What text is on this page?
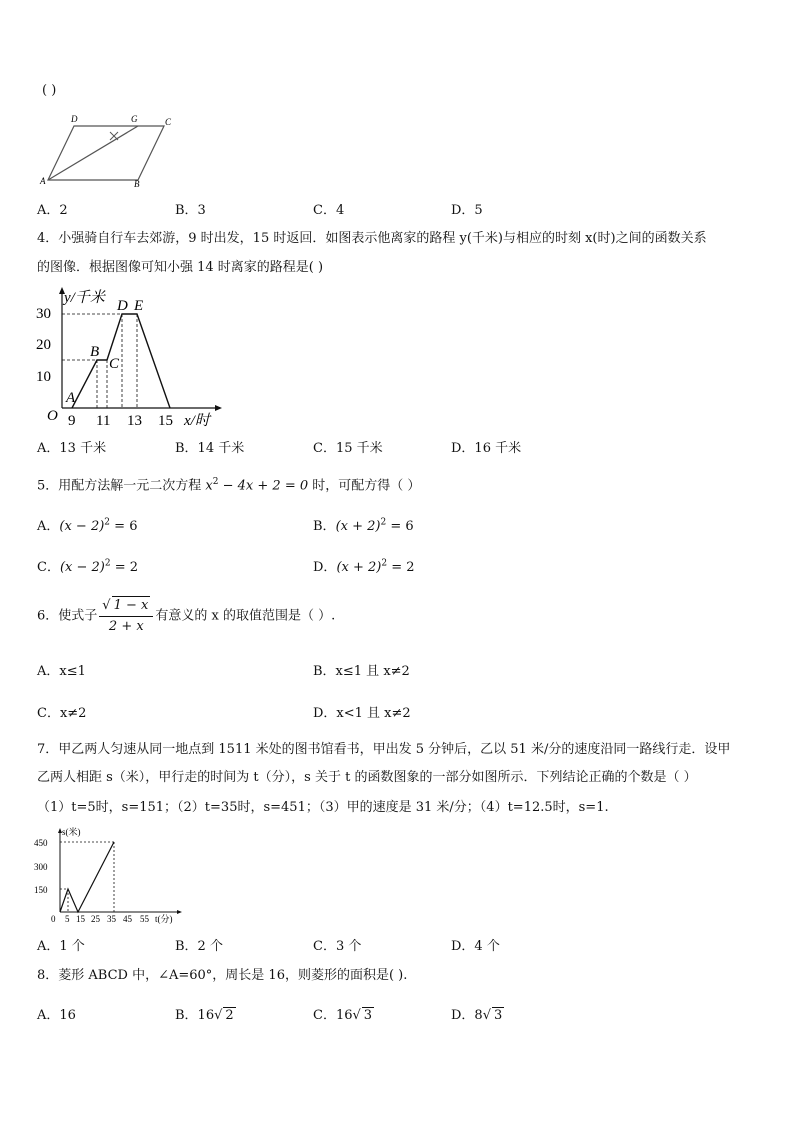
( )
D	G	C
A	B
A．2	B．3	C．4	D．5
4．小强骑自行车去郊游，9 时出发，15 时返回．如图表示他离家的路程 y(千米)与相应的时刻 x(时)之间的函数关系
的图像．根据图像可知小强 14 时离家的路程是( )
30
20
10
9 11 13 15 x/时
y/千米
O
A
B
C
D E
A．13 千米	B．14 千米	C．15 千米	D．16 千米
5．用配方法解一元二次方程 $x^2 - 4x + 2 = 0$ 时，可配方得（ ）
A．$(x - 2)^2 = 6$	B．$(x + 2)^2 = 6$
C．$(x - 2)^2 = 2$	D．$(x + 2)^2 = 2$
6．使式子 $\frac{√ 1 - x}{2 + x}$ 有意义的 x 的取值范围是（ ）.
A．x≤1	B．x≤1 且 x≠2
C．x≠2	D．x<1 且 x≠2
7．甲乙两人匀速从同一地点到 1511 米处的图书馆看书，甲出发 5 分钟后，乙以 51 米/分的速度沿同一路线行走．设甲
乙两人相距 s（米），甲行走的时间为 t（分），s 关于 t 的函数图象的一部分如图所示．下列结论正确的个数是（ ）
（1）t=5时，s=151；（2）t=35时，s=451；（3）甲的速度是 31 米/分；（4）t=12.5时，s=1.
450
300
150
0 5 15 25 35 45 55 t(分)
s(米)
A．1 个	B．2 个	C．3 个	D．4 个
8．菱形 ABCD 中，∠A=60°，周长是 16，则菱形的面积是( ).
A．16	B．16√ 2	C．16√ 3	D．8√ 3
